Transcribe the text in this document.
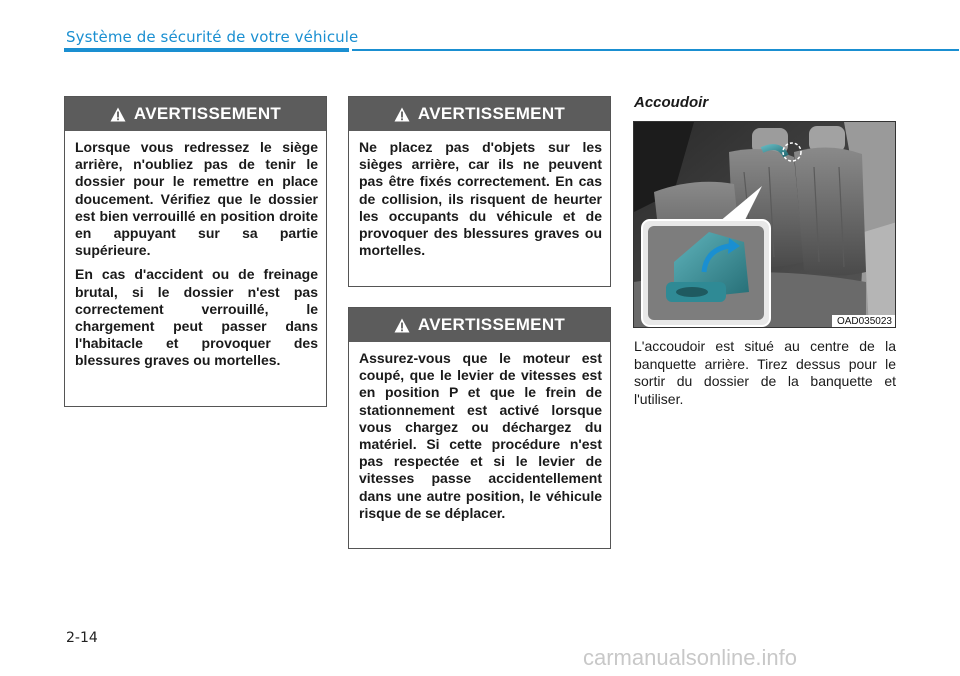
Système de sécurité de votre véhicule
AVERTISSEMENT

Lorsque vous redressez le siège arrière, n'oubliez pas de tenir le dossier pour le remettre en place doucement. Vérifiez que le dossier est bien verrouillé en position droite en appuyant sur sa partie supérieure.

En cas d'accident ou de freinage brutal, si le dossier n'est pas correctement verrouillé, le chargement peut passer dans l'habitacle et provoquer des blessures graves ou mortelles.

AVERTISSEMENT

Ne placez pas d'objets sur les sièges arrière, car ils ne peuvent pas être fixés correctement. En cas de collision, ils risquent de heurter les occupants du véhicule et de provoquer des blessures graves ou mortelles.

AVERTISSEMENT

Assurez-vous que le moteur est coupé, que le levier de vitesses est en position P et que le frein de stationnement est activé lorsque vous chargez ou déchargez du matériel. Si cette procédure n'est pas respectée et si le levier de vitesses passe accidentellement dans une autre position, le véhicule risque de se déplacer.

Accoudoir
OAD035023
L'accoudoir est situé au centre de la banquette arrière. Tirez dessus pour le sortir du dossier de la banquette et l'utiliser.
2-14
carmanualsonline.info
